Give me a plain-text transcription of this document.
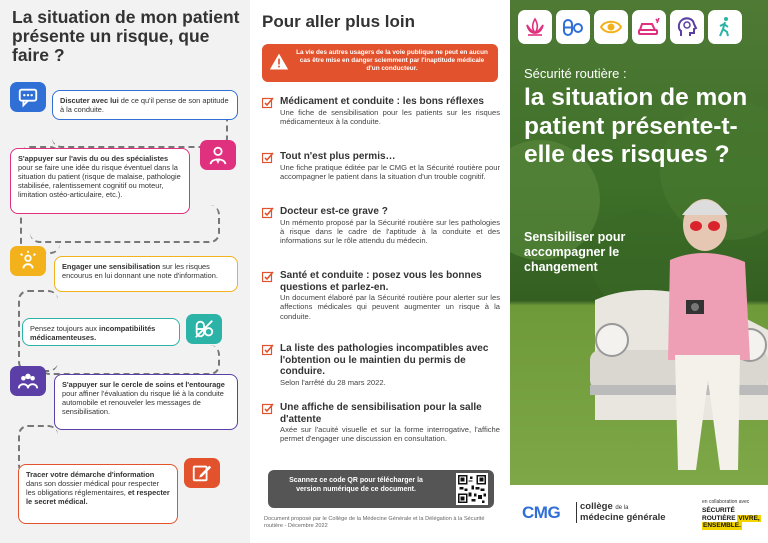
La situation de mon patient présente un risque, que faire ?
Discuter avec lui de ce qu'il pense de son aptitude à la conduite.
S'appuyer sur l'avis du ou des spécialistes pour se faire une idée du risque éventuel dans la situation du patient (risque de malaise, pathologie stabilisée, ralentissement cognitif ou moteur, limitation ostéo-articulaire, etc.).
Engager une sensibilisation sur les risques encourus en lui donnant une note d'information.
Pensez toujours aux incompatibilités médicamenteuses.
S'appuyer sur le cercle de soins et l'entourage pour affiner l'évaluation du risque lié à la conduite automobile et renouveler les messages de sensibilisation.
Tracer votre démarche d'information dans son dossier médical pour respecter les obligations réglementaires, et respecter le secret médical.
Pour aller plus loin
La vie des autres usagers de la voie publique ne peut en aucun cas être mise en danger sciemment par l'inaptitude médicale d'un conducteur.
Médicament et conduite : les bons réflexes

Une fiche de sensibilisation pour les patients sur les risques médicamenteux à la conduite.

Tout n'est plus permis…

Une fiche pratique éditée par le CMG et la Sécurité routière pour accompagner le patient dans la situation d'un trouble cognitif.

Docteur est-ce grave ?

Un mémento proposé par la Sécurité routière sur les pathologies à risque dans le cadre de l'aptitude à la conduite et des informations sur le rôle attendu du médecin.

Santé et conduite : posez vous les bonnes questions et parlez-en.

Un document élaboré par la Sécurité routière pour alerter sur les affections médicales qui peuvent augmenter un risque à la conduite.

La liste des pathologies incompatibles avec l'obtention ou le maintien du permis de conduire.

Selon l'arrêté du 28 mars 2022.

Une affiche de sensibilisation pour la salle d'attente

Axée sur l'acuité visuelle et sur la forme interrogative, l'affiche permet d'engager une discussion en consultation.

Scannez ce code QR pour télécharger la version numérique de ce document.
Document proposé par le Collège de la Médecine Générale et la Délégation à la Sécurité routière - Décembre 2022
Sécurité routière :
la situation de mon patient présente-t-elle des risques ?
Sensibiliser pour accompagner le changement
CMG	collège de la
médecine générale
en collaboration avec
SÉCURITÉ
ROUTIÈRE VIVRE,
ENSEMBLE.
